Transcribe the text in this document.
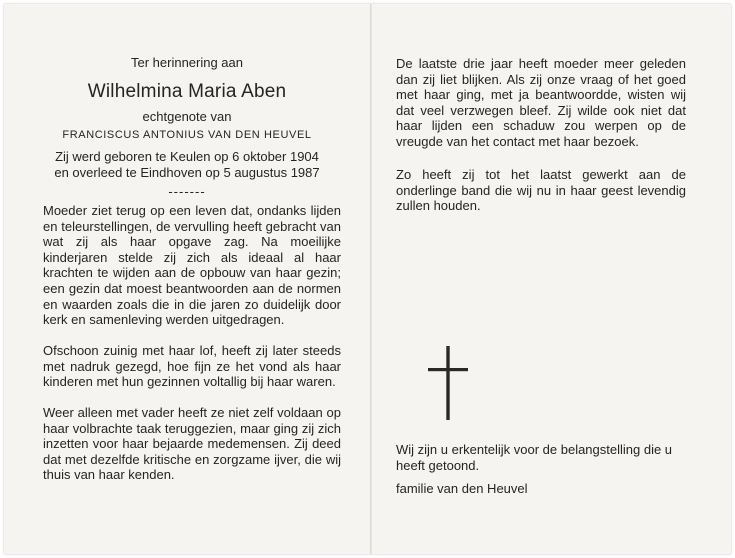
Ter herinnering aan
Wilhelmina Maria Aben
echtgenote van
FRANCISCUS ANTONIUS VAN DEN HEUVEL
Zij werd geboren te Keulen op 6 oktober 1904
en overleed te Eindhoven op 5 augustus 1987
-------

Moeder ziet terug op een leven dat, ondanks lijden en teleurstellingen, de vervulling heeft gebracht van wat zij als haar opgave zag. Na moeilijke kinderjaren stelde zij zich als ideaal al haar krachten te wijden aan de opbouw van haar gezin; een gezin dat moest beantwoorden aan de normen en waarden zoals die in die jaren zo duidelijk door kerk en samenleving werden uitgedragen.

Ofschoon zuinig met haar lof, heeft zij later steeds met nadruk gezegd, hoe fijn ze het vond als haar kinderen met hun gezinnen voltallig bij haar waren.

Weer alleen met vader heeft ze niet zelf voldaan op haar volbrachte taak teruggezien, maar ging zij zich inzetten voor haar bejaarde medemensen. Zij deed dat met dezelfde kritische en zorgzame ijver, die wij thuis van haar kenden.

De laatste drie jaar heeft moeder meer geleden dan zij liet blijken. Als zij onze vraag of het goed met haar ging, met ja beantwoordde, wisten wij dat veel verzwegen bleef. Zij wilde ook niet dat haar lijden een schaduw zou werpen op de vreugde van het contact met haar bezoek.

Zo heeft zij tot het laatst gewerkt aan de onderlinge band die wij nu in haar geest levendig zullen houden.

Wij zijn u erkentelijk voor de belangstelling die u heeft getoond.

familie van den Heuvel
